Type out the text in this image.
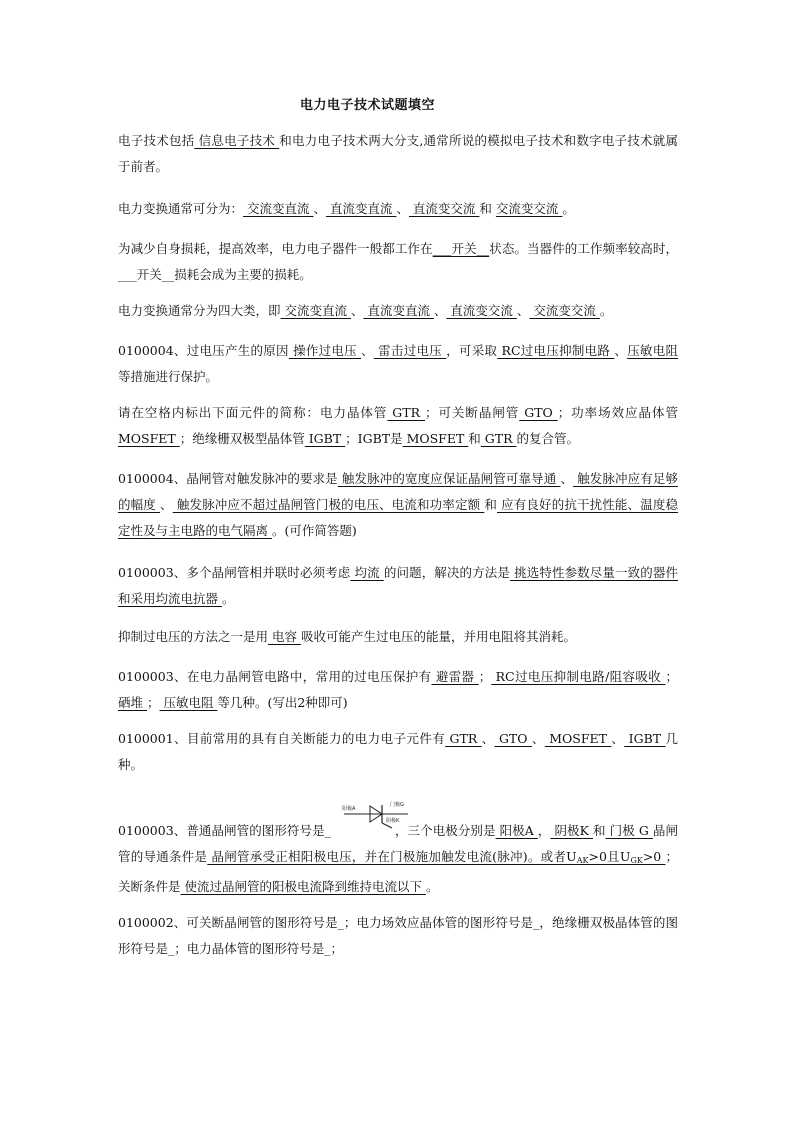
电力电子技术试题填空

电子技术包括 信息电子技术 和电力电子技术两大分支,通常所说的模拟电子技术和数字电子技术就属于前者。

电力变换通常可分为： 交流变直流 、 直流变直流 、 直流变交流 和 交流变交流 。

为减少自身损耗，提高效率，电力电子器件一般都工作在___开关__状态。当器件的工作频率较高时，___开关__损耗会成为主要的损耗。

电力变换通常分为四大类，即 交流变直流 、 直流变直流 、 直流变交流 、 交流变交流 。

0100004、过电压产生的原因 操作过电压 、 雷击过电压 ，可采取 RC过电压抑制电路 、压敏电阻 等措施进行保护。

请在空格内标出下面元件的简称：电力晶体管 GTR ；可关断晶闸管 GTO ；功率场效应晶体管 MOSFET ；绝缘栅双极型晶体管 IGBT ；IGBT是 MOSFET 和 GTR 的复合管。

0100004、晶闸管对触发脉冲的要求是 触发脉冲的宽度应保证晶闸管可靠导通 、 触发脉冲应有足够的幅度 、 触发脉冲应不超过晶闸管门极的电压、电流和功率定额 和 应有良好的抗干扰性能、温度稳定性及与主电路的电气隔离 。(可作简答题)

0100003、多个晶闸管相并联时必须考虑 均流 的问题，解决的方法是 挑选特性参数尽量一致的器件和采用均流电抗器 。

抑制过电压的方法之一是用 电容 吸收可能产生过电压的能量，并用电阻将其消耗。

0100003、在电力晶闸管电路中，常用的过电压保护有 避雷器 ； RC过电压抑制电路/阻容吸收 ； 硒堆 ； 压敏电阻 等几种。(写出2种即可)

0100001、目前常用的具有自关断能力的电力电子元件有 GTR 、 GTO 、 MOSFET 、 IGBT 几种。

阳极A
门极G
阴极K

0100003、普通晶闸管的图形符号是_	，三个电极分别是 阳极A ， 阴极K 和 门极 G 晶闸管的导通条件是 晶闸管承受正相阳极电压，并在门极施加触发电流(脉冲)。或者$U_{AK}>0$且$U_{GK}>0$ ；关断条件是 使流过晶闸管的阳极电流降到维持电流以下 。

0100002、可关断晶闸管的图形符号是_；电力场效应晶体管的图形符号是_，绝缘栅双极晶体管的图形符号是_；电力晶体管的图形符号是_；
